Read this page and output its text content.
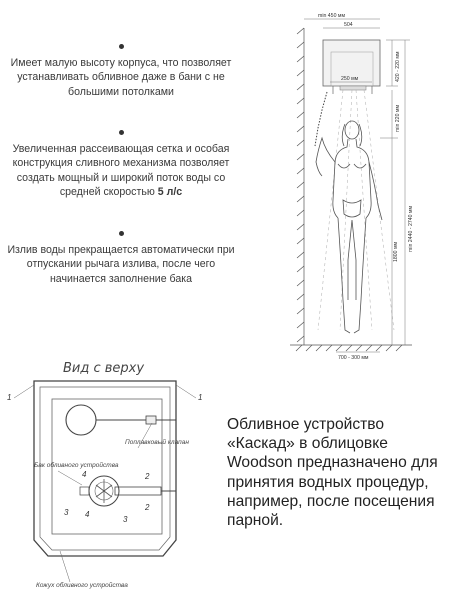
Имеет малую высоту корпуса, что позволяет устанавливать обливное даже в бани с не большими потолками
Увеличенная рассеивающая сетка и особая конструкция сливного механизма позволяет создать мощный и широкий поток воды со средней скоростью 5 л/с
Излив воды прекращается автоматически при отпускании рычага излива, после чего начинается заполнение бака
min 450 мм
504
250 мм	420 - 220 мм
min 220 мм
min 2440 - 2740 мм
1800 мм
700 - 300 мм
Вид с верху
Поплавковый клапан
Бак обливного устройства
Кожух обливного устройства
1	1
2
2
3
3
4
4
Обливное устройство «Каскад» в облицовке Woodson предназначено для принятия водных процедур, например, после посещения парной.
